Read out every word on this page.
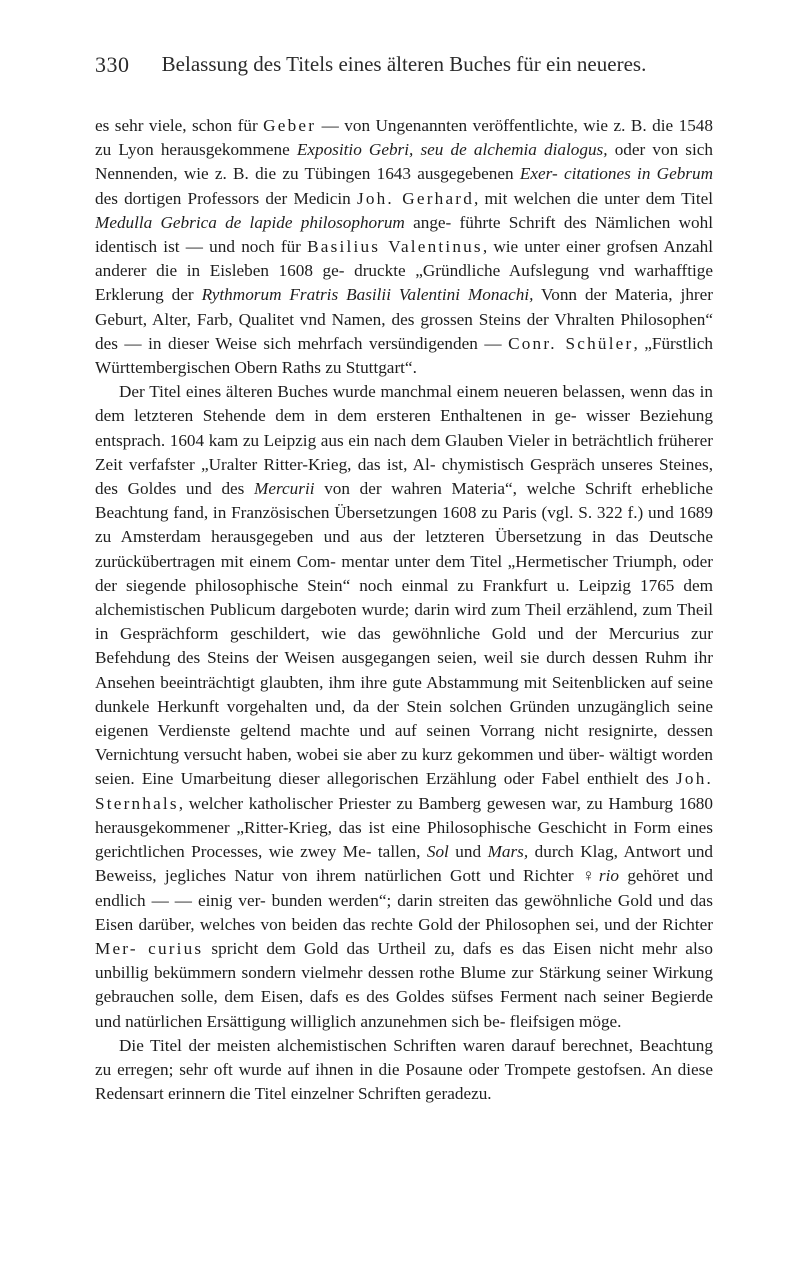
330	Belassung des Titels eines älteren Buches für ein neueres.

es sehr viele, schon für Geber — von Ungenannten veröffentlichte, wie z. B. die 1548 zu Lyon herausgekommene Expositio Gebri, seu de alchemia dialogus, oder von sich Nennenden, wie z. B. die zu Tübingen 1643 ausgegebenen Exer- citationes in Gebrum des dortigen Professors der Medicin Joh. Gerhard, mit welchen die unter dem Titel Medulla Gebrica de lapide philosophorum ange- führte Schrift des Nämlichen wohl identisch ist — und noch für Basilius Valentinus, wie unter einer grofsen Anzahl anderer die in Eisleben 1608 ge- druckte „Gründliche Aufslegung vnd warhafftige Erklerung der Rythmorum Fratris Basilii Valentini Monachi, Vonn der Materia, jhrer Geburt, Alter, Farb, Qualitet vnd Namen, des grossen Steins der Vhralten Philosophen“ des — in dieser Weise sich mehrfach versündigenden — Conr. Schüler, „Fürstlich Württembergischen Obern Raths zu Stuttgart“.

Der Titel eines älteren Buches wurde manchmal einem neueren belassen, wenn das in dem letzteren Stehende dem in dem ersteren Enthaltenen in ge- wisser Beziehung entsprach. 1604 kam zu Leipzig aus ein nach dem Glauben Vieler in beträchtlich früherer Zeit verfafster „Uralter Ritter-Krieg, das ist, Al- chymistisch Gespräch unseres Steines, des Goldes und des Mercurii von der wahren Materia“, welche Schrift erhebliche Beachtung fand, in Französischen Übersetzungen 1608 zu Paris (vgl. S. 322 f.) und 1689 zu Amsterdam herausgegeben und aus der letzteren Übersetzung in das Deutsche zurückübertragen mit einem Com- mentar unter dem Titel „Hermetischer Triumph, oder der siegende philosophische Stein“ noch einmal zu Frankfurt u. Leipzig 1765 dem alchemistischen Publicum dargeboten wurde; darin wird zum Theil erzählend, zum Theil in Gesprächform geschildert, wie das gewöhnliche Gold und der Mercurius zur Befehdung des Steins der Weisen ausgegangen seien, weil sie durch dessen Ruhm ihr Ansehen beeinträchtigt glaubten, ihm ihre gute Abstammung mit Seitenblicken auf seine dunkele Herkunft vorgehalten und, da der Stein solchen Gründen unzugänglich seine eigenen Verdienste geltend machte und auf seinen Vorrang nicht resignirte, dessen Vernichtung versucht haben, wobei sie aber zu kurz gekommen und über- wältigt worden seien. Eine Umarbeitung dieser allegorischen Erzählung oder Fabel enthielt des Joh. Sternhals, welcher katholischer Priester zu Bamberg gewesen war, zu Hamburg 1680 herausgekommener „Ritter-Krieg, das ist eine Philosophische Geschicht in Form eines gerichtlichen Processes, wie zwey Me- tallen, Sol und Mars, durch Klag, Antwort und Beweiss, jegliches Natur von ihrem natürlichen Gott und Richter ♀rio gehöret und endlich — — einig ver- bunden werden“; darin streiten das gewöhnliche Gold und das Eisen darüber, welches von beiden das rechte Gold der Philosophen sei, und der Richter Mer- curius spricht dem Gold das Urtheil zu, dafs es das Eisen nicht mehr also unbillig bekümmern sondern vielmehr dessen rothe Blume zur Stärkung seiner Wirkung gebrauchen solle, dem Eisen, dafs es des Goldes süfses Ferment nach seiner Begierde und natürlichen Ersättigung williglich anzunehmen sich be- fleifsigen möge.

Die Titel der meisten alchemistischen Schriften waren darauf berechnet, Beachtung zu erregen; sehr oft wurde auf ihnen in die Posaune oder Trompete gestofsen. An diese Redensart erinnern die Titel einzelner Schriften geradezu.
